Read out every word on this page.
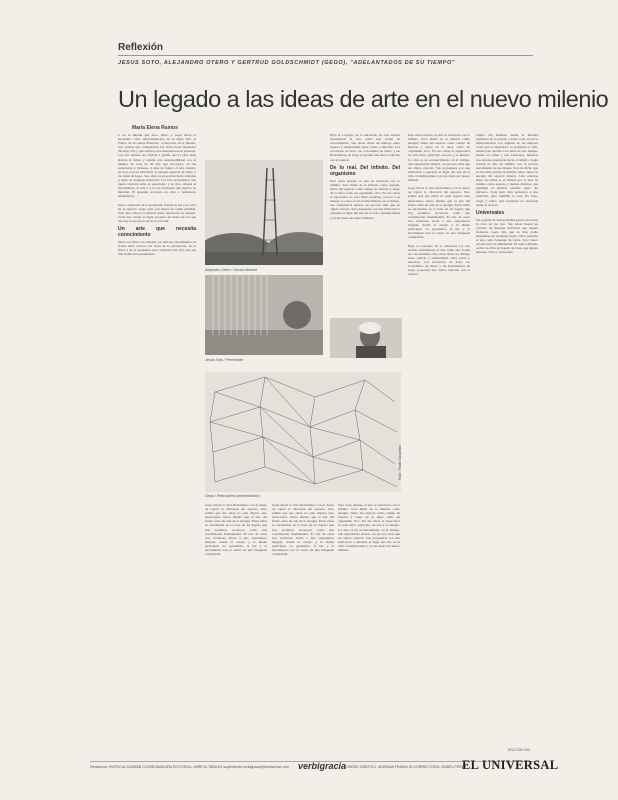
Reflexión
JESUS SOTO, ALEJANDRO OTERO Y GERTRUD GOLDSCHMIDT (GEGO), "ADELANTADOS DE SU TIEMPO"
Un legado a las ideas de arte en el nuevo milenio
María Elena Ramos
C on la mirada que Soto, Otero y Gego hacia el encuentro "Arte latinoamericano en el Siglo XX: el Futuro de los Artes Plásticas", convocado en el mundo, tres artistas que comenzaron sus obras hacia mediados del siglo XX y que aún hoy nos interpelan en el presente. Los tres artistas nos invitan a pensar que la obra debe abrirse al futuro y asumir una responsabilidad con el tiempo. Se trata de un arte que incorpora, en sus estructuras y visiones, la idea de futuro: el arte cinético de Soto con su vibración, la energía espacial de Otero y las redes de Gego. Sus obras se proyectan hacia adelante y tejen un lenguaje universal. Los tres propusieron una nueva relación entre el espectador y la obra, abierta al movimiento, al aire y a la luz, haciendo del espacio su material. El presente reconoce en ellos a verdaderos adelantados.

Otero, inspirado en la geometría, trabajó la luz y el color en el espacio. Gego tejió con líneas un orden sensible. Soto hizo vibrar la materia hasta disolverla en energía. Cada uno, desde su lugar, propuso un modo de ver que aún hoy se proyecta hacia el porvenir.
Un arte que necesita conocimiento
Otero se refirió con claridad a la idea de conocimiento: el artista debe conocer las leyes de la percepción, de la física y de la geometría para construir una obra que sea una forma del pensamiento.
Alejandro Otero / Virtual vibrante
Jesús Soto / Penetrable
Bajo el concepto de lo universal, los tres artistas entendieron el arte como una forma de conocimiento. Sus obras abren un diálogo entre ciencia y sensibilidad, entre razón y emoción. Los recorridos de Soto, los Coloritmos de Otero y las Reticuláreas de Gego proponen una nueva relación con el espacio.
De lo real. Del infinito. Del organismo
Para estos artistas, el arte se relaciona con lo infinito. Soto habló de la materia como energía, Otero del espacio como campo de fuerzas y Gego de la línea como un organismo vivo. En sus obras el espectador no sólo mira: participa, recorre y se integra. La obra es un acontecimiento en el tiempo, una experiencia abierta, un proceso más que un objeto cerrado. Sus propuestas son una invitación a repensar el lugar del arte en la vida contemporánea y en las ideas del nuevo milenio.
Gego / Reticulárea (ambientación)
Foto: Paolo Gasparini
Gego inició la obra Reticulárea con el deseo de captar la vibración del espacio. Soto señaló que sus obras no eran objetos sino situaciones. Otero afirmó que el arte del futuro sería un arte de la energía. Estas ideas se encuentran en la base de un legado que hoy podemos reconocer como una contribución fundamental. El arte de estos tres creadores invita a una experiencia integral, donde el cuerpo y la mente participan. La geometría, la luz y el movimiento son el centro de una búsqueda compartida.
Gego inició la obra Reticulárea con el deseo de captar la vibración del espacio. Soto señaló que sus obras no eran objetos sino situaciones. Otero afirmó que el arte del futuro sería un arte de la energía. Estas ideas se encuentran en la base de un legado que hoy podemos reconocer como una contribución fundamental. El arte de estos tres creadores invita a una experiencia integral, donde el cuerpo y la mente participan. La geometría, la luz y el movimiento son el centro de una búsqueda compartida.
Para estos artistas, el arte se relaciona con lo infinito. Soto habló de la materia como energía, Otero del espacio como campo de fuerzas y Gego de la línea como un organismo vivo. En sus obras el espectador no sólo mira: participa, recorre y se integra. La obra es un acontecimiento en el tiempo, una experiencia abierta, un proceso más que un objeto cerrado. Sus propuestas son una invitación a repensar el lugar del arte en la vida contemporánea y en las ideas del nuevo milenio.
Para estos artistas, el arte se relaciona con lo infinito. Soto habló de la materia como energía, Otero del espacio como campo de fuerzas y Gego de la línea como un organismo vivo. En sus obras el espectador no sólo mira: participa, recorre y se integra. La obra es un acontecimiento en el tiempo, una experiencia abierta, un proceso más que un objeto cerrado. Sus propuestas son una invitación a repensar el lugar del arte en la vida contemporánea y en las ideas del nuevo milenio.

Gego inició la obra Reticulárea con el deseo de captar la vibración del espacio. Soto señaló que sus obras no eran objetos sino situaciones. Otero afirmó que el arte del futuro sería un arte de la energía. Estas ideas se encuentran en la base de un legado que hoy podemos reconocer como una contribución fundamental. El arte de estos tres creadores invita a una experiencia integral, donde el cuerpo y la mente participan. La geometría, la luz y el movimiento son el centro de una búsqueda compartida.

Bajo el concepto de lo universal, los tres artistas entendieron el arte como una forma de conocimiento. Sus obras abren un diálogo entre ciencia y sensibilidad, entre razón y emoción. Los recorridos de Soto, los Coloritmos de Otero y las Reticuláreas de Gego proponen una nueva relación con el espacio.
campo del hombre: desde la libertad espiritual de la poesía, a sobre todo, hacia la interiorización con algunas de las mejores cosas que la naturaleza, la sociedad, la urbe, tienen para decirle a los seres de este tiempo. Desde un orden y una estructura, nuestros tres artistas apuntaron hacia el infinito. Gego trabajó la idea de infinito con la precisa herramienta de sus manos. Soto ha dicho que el arte debe abrirse al infinito. Otero buscó la energía del espacio abierto. Una relación entre sus ideas es el interés por la idea de infinito como espacio y tiempo abiertos, que permiten al hombre sentirse parte del universo. Toda gran obra pertenece a una tradición, pero también la crea. En Soto, Gego y Otero esta tradición es renovada desde la ciencia.
Universales
Un espíritu de universalidad parece atravesar la obra de los tres. Sus obras tienen un carácter de mensaje universal que supera fronteras. Gego dijo que su obra podía entenderse en cualquier lugar. Otero pensaba el arte como lenguaje de todos. Soto buscó un arte para la humanidad. El nuevo milenio recibe de ellos un legado de ideas que siguen abiertas, vivas y necesarias.
EDICIÓN 000
Redacción: PATRICIA GUZMÁN COORDINADORA EDITORIAL: MIREYA TABUAS suplemento.verbigracia@eluniversal.com verbigracia
DISEÑO GRÁFICO: ADRIANA FRANKLIN CORRECTORA: ISABEL PÉREZ
EL UNIVERSAL
